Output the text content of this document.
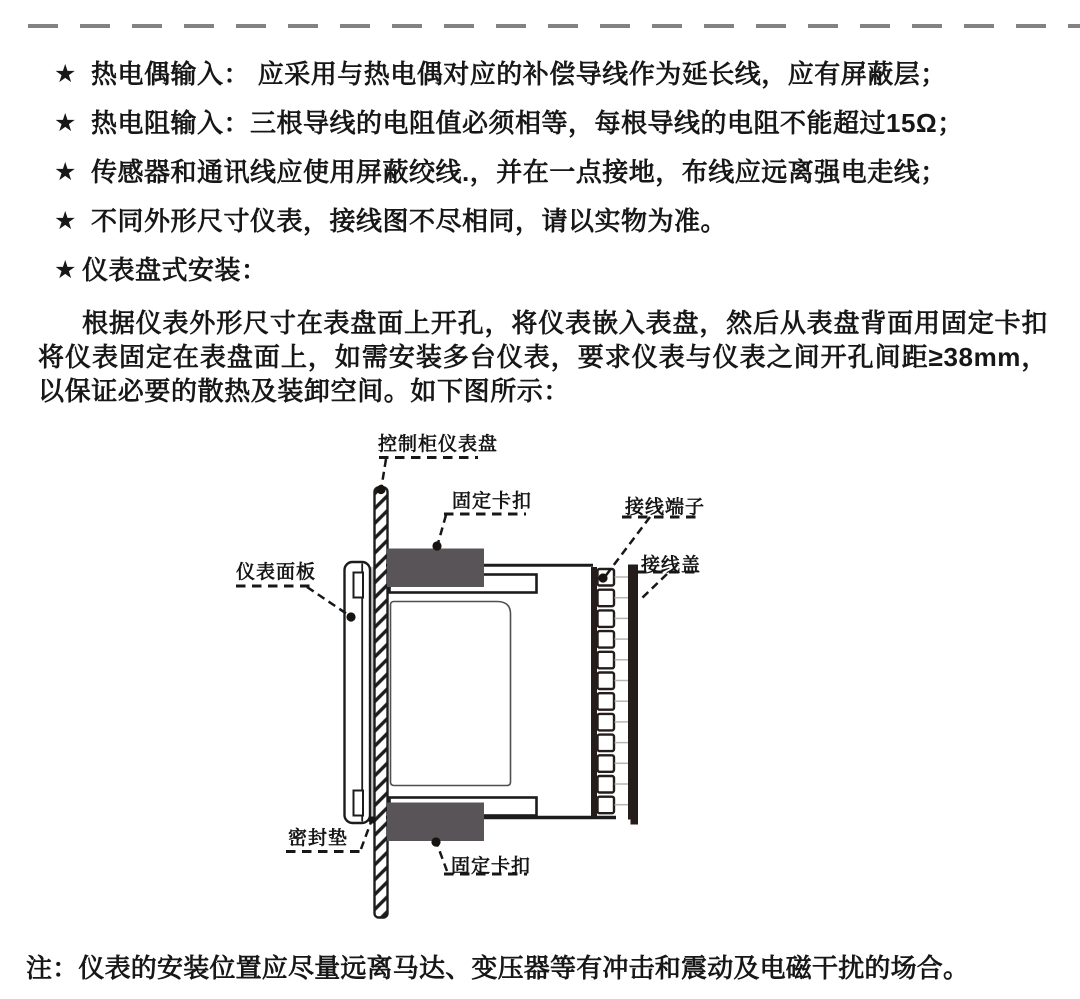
★ 热电偶输入： 应采用与热电偶对应的补偿导线作为延长线，应有屏蔽层；
★ 热电阻输入：三根导线的电阻值必须相等，每根导线的电阻不能超过15Ω；
★ 传感器和通讯线应使用屏蔽绞线.，并在一点接地，布线应远离强电走线；
★ 不同外形尺寸仪表，接线图不尽相同，请以实物为准。
★ 仪表盘式安装：
根据仪表外形尺寸在表盘面上开孔，将仪表嵌入表盘，然后从表盘背面用固定卡扣将仪表固定在表盘面上，如需安装多台仪表，要求仪表与仪表之间开孔间距≥38mm，以保证必要的散热及装卸空间。如下图所示：
控制柜仪表盘
固定卡扣	接线端子
接线盖
仪表面板
密封垫
固定卡扣
注：仪表的安装位置应尽量远离马达、变压器等有冲击和震动及电磁干扰的场合。
